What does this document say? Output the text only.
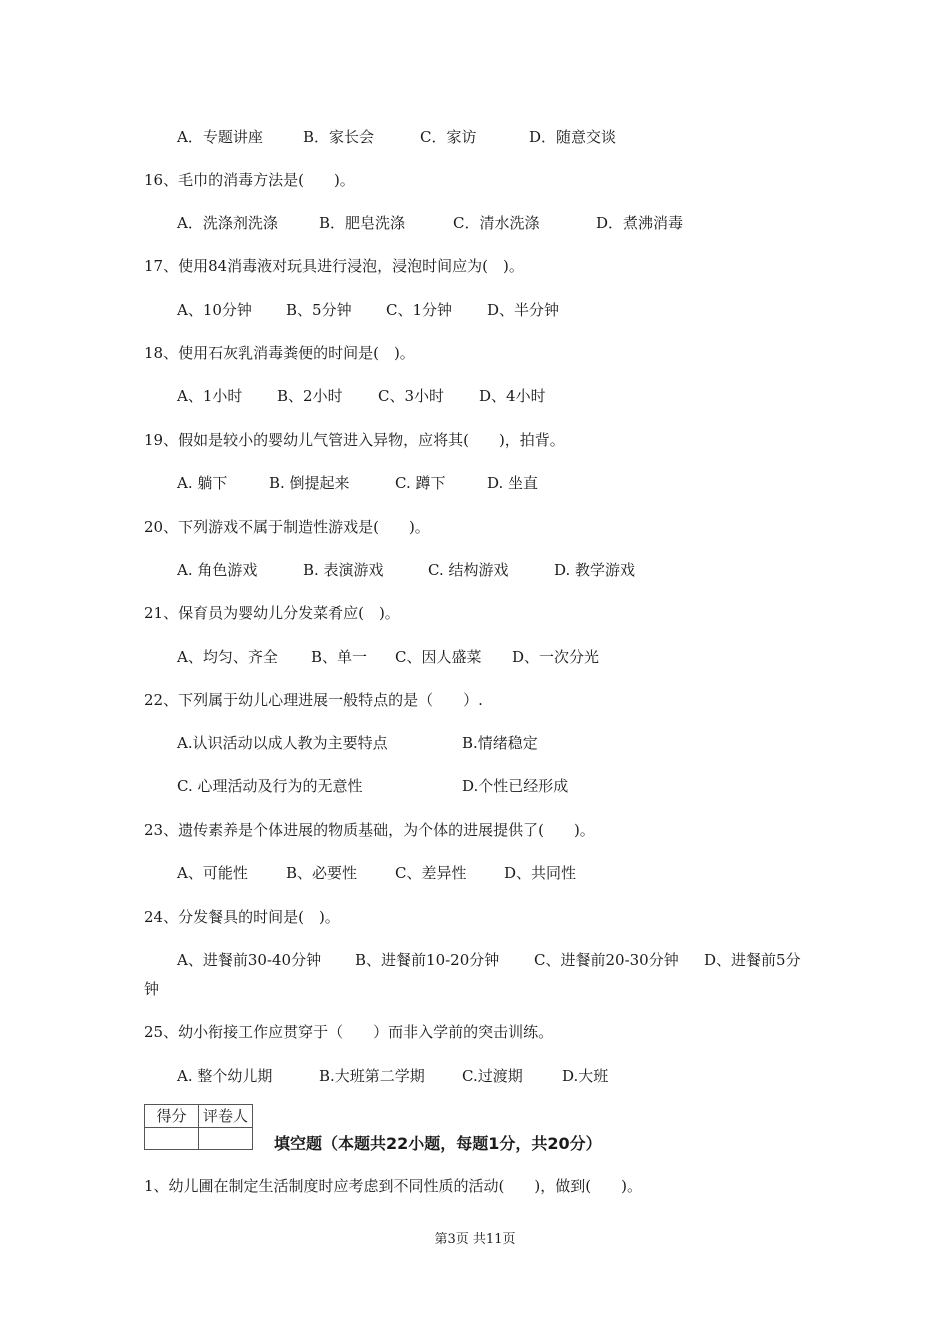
A．专题讲座	B．家长会	C．家访	D．随意交谈
16、毛巾的消毒方法是(　　)。
A．洗涤剂洗涤	B．肥皂洗涤	C．清水洗涤	D．煮沸消毒
17、使用84消毒液对玩具进行浸泡，浸泡时间应为(　)。
A、10分钟 B、5分钟 C、1分钟 D、半分钟
18、使用石灰乳消毒粪便的时间是(　)。
A、1小时 B、2小时 C、3小时 D、4小时
19、假如是较小的婴幼儿气管进入异物，应将其(　　)，拍背。
A. 躺下	B. 倒提起来	C. 蹲下	D. 坐直
20、下列游戏不属于制造性游戏是(　　)。
A. 角色游戏	B. 表演游戏	C. 结构游戏	D. 教学游戏
21、保育员为婴幼儿分发菜肴应(　)。
A、均匀、齐全 B、单一 C、因人盛菜 D、一次分光
22、下列属于幼儿心理进展一般特点的是（　　）.
A.认识活动以成人教为主要特点	B.情绪稳定
C. 心理活动及行为的无意性	D.个性已经形成
23、遗传素养是个体进展的物质基础，为个体的进展提供了(　　)。
A、可能性	B、必要性	C、差异性	D、共同性
24、分发餐具的时间是(　)。
A、进餐前30-40分钟 B、进餐前10-20分钟 C、进餐前20-30分钟 D、进餐前5分
钟
25、幼小衔接工作应贯穿于（　　）而非入学前的突击训练。
A. 整个幼儿期	B.大班第二学期 C.过渡期	D.大班
得分	评卷人

填空题（本题共22小题，每题1分，共20分）
1、幼儿圃在制定生活制度时应考虑到不同性质的活动(　　)，做到(　　)。
第3页 共11页
